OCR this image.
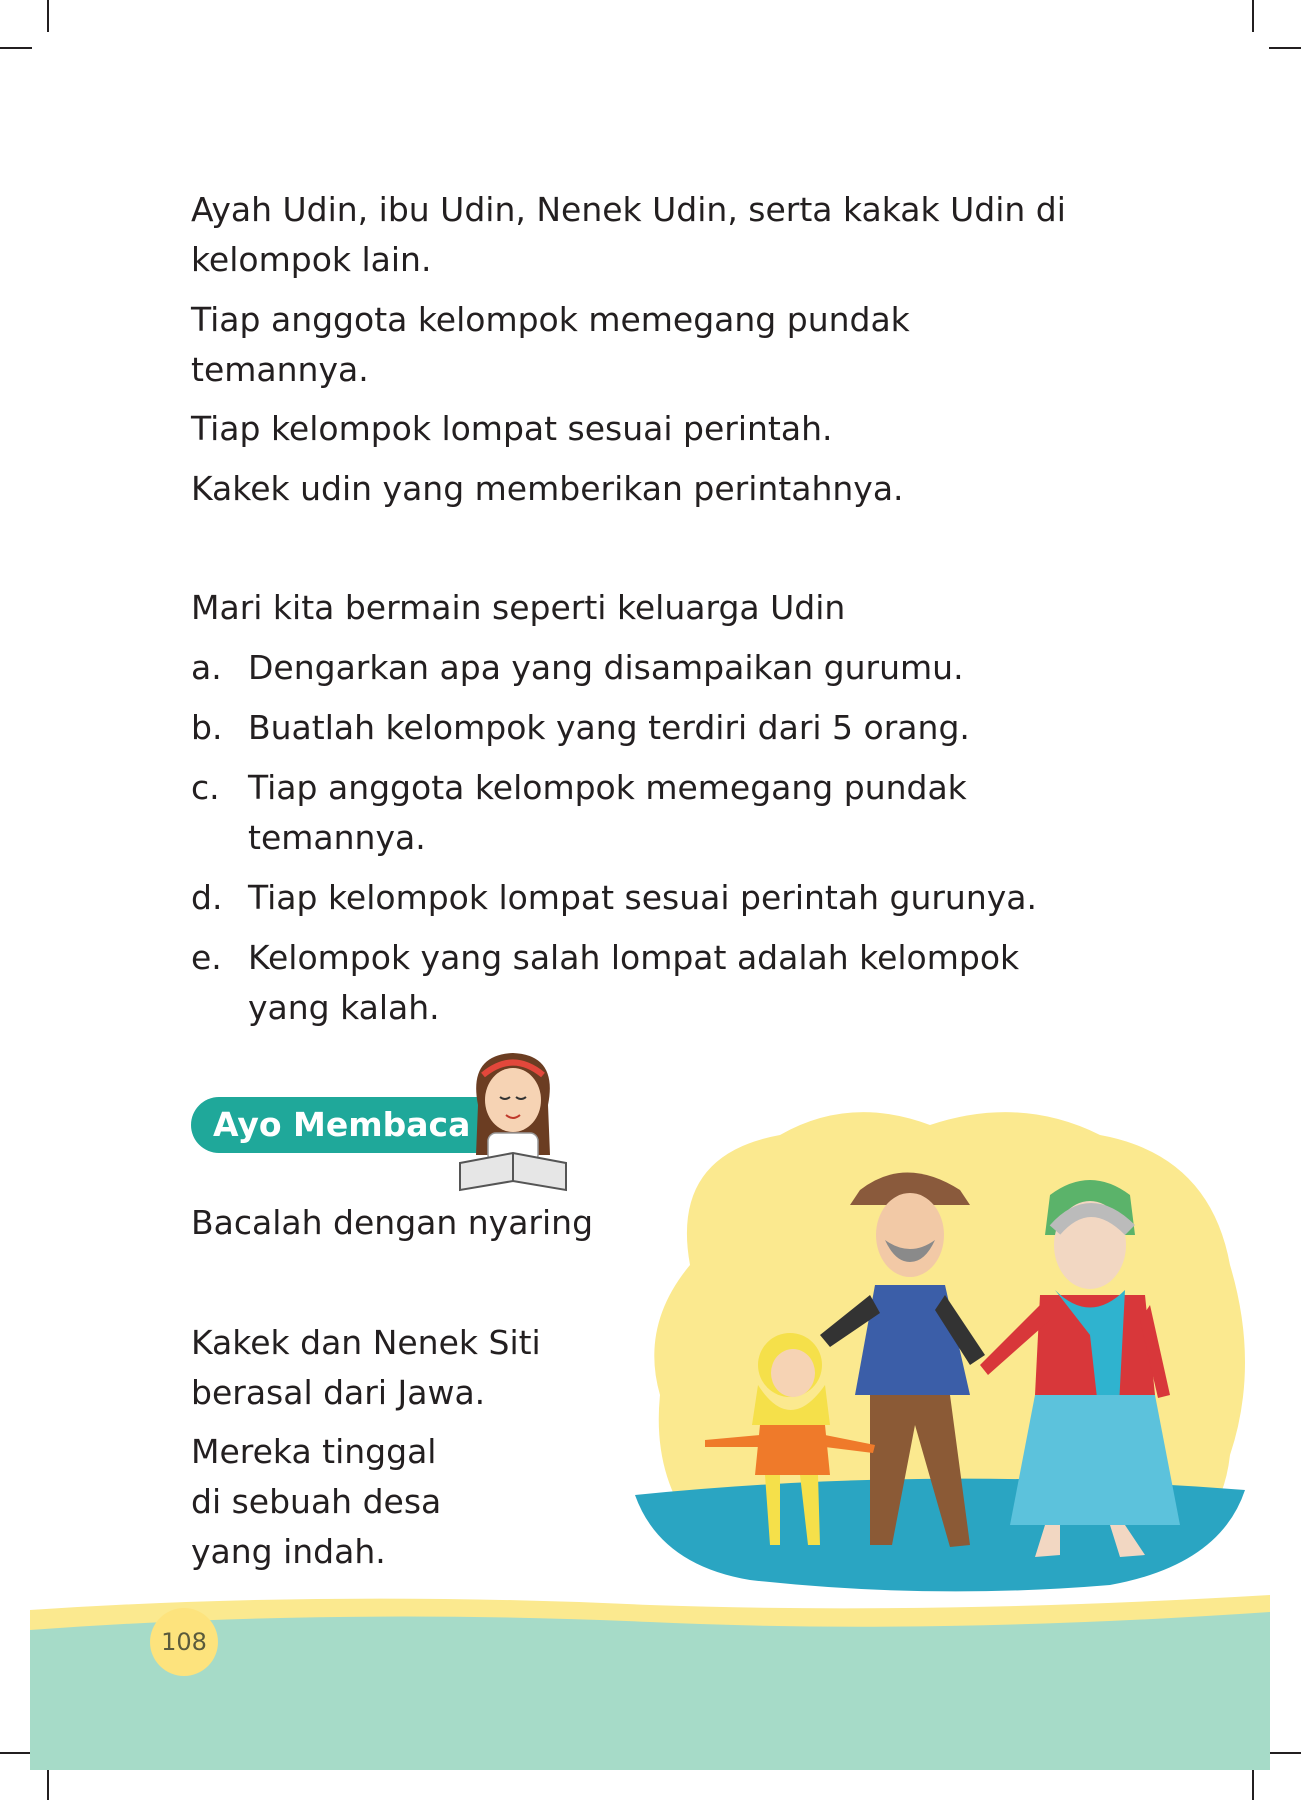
Ayah Udin, ibu Udin, Nenek Udin, serta kakak Udin di kelompok lain.

Tiap anggota kelompok memegang pundak temannya.

Tiap kelompok lompat sesuai perintah.

Kakek udin yang memberikan perintahnya.

Mari kita bermain seperti keluarga Udin

a. Dengarkan apa yang disampaikan gurumu.
b. Buatlah kelompok yang terdiri dari 5 orang.
c. Tiap anggota kelompok memegang pundak temannya.
d. Tiap kelompok lompat sesuai perintah gurunya.
e. Kelompok yang salah lompat adalah kelompok yang kalah.
Ayo Membaca

Bacalah dengan nyaring

Kakek dan Nenek Siti berasal dari Jawa.

Mereka tinggal di sebuah desa yang indah.

108
